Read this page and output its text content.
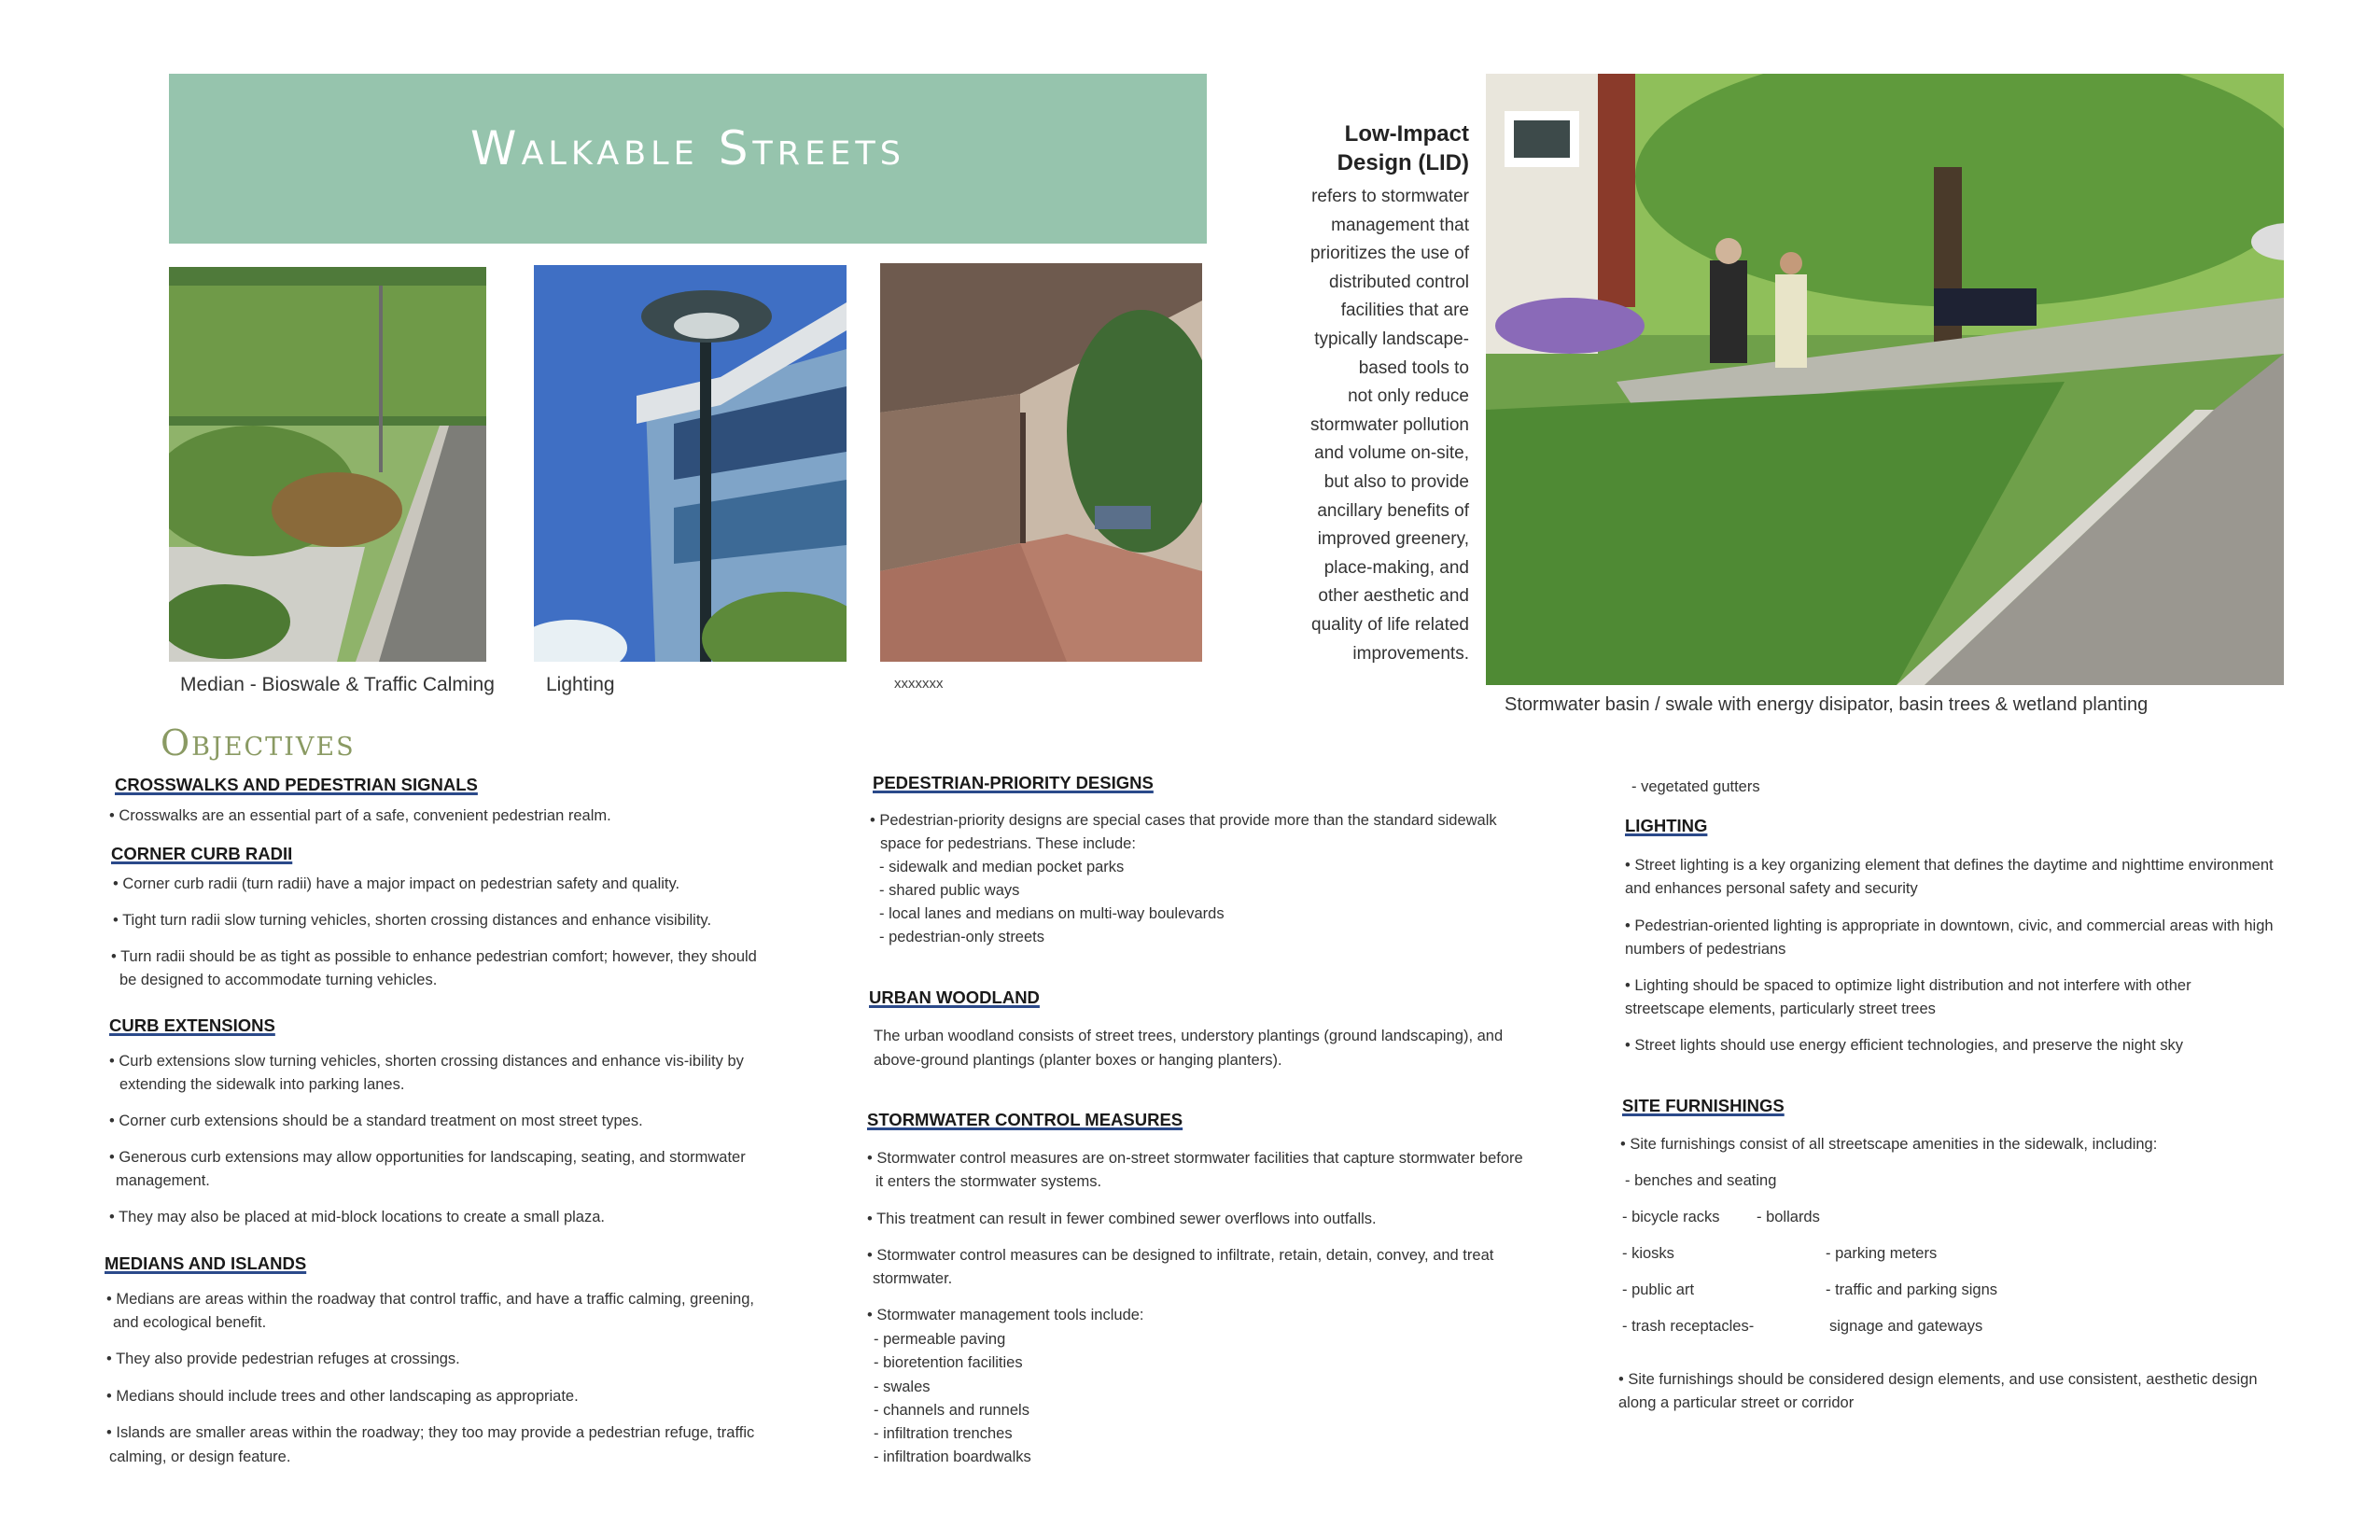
Walkable Streets
Median - Bioswale & Traffic Calming	Lighting	xxxxxxx
Low-Impact
Design (LID)
refers to stormwater
management that
prioritizes the use of
distributed control
facilities that are
typically landscape-
based tools to
not only reduce
stormwater pollution
and volume on-site,
but also to provide
ancillary benefits of
improved greenery,
place-making, and
other aesthetic and
quality of life related
improvements.
Stormwater basin / swale with energy disipator, basin trees & wetland planting
Objectives
CROSSWALKS AND PEDESTRIAN SIGNALS
• Crosswalks are an essential part of a safe, convenient pedestrian realm.
CORNER CURB RADII
• Corner curb radii (turn radii) have a major impact on pedestrian safety and quality.
• Tight turn radii slow turning vehicles, shorten crossing distances and enhance visibility.
• Turn radii should be as tight as possible to enhance pedestrian comfort; however, they should
be designed to accommodate turning vehicles.
CURB EXTENSIONS
• Curb extensions slow turning vehicles, shorten crossing distances and enhance vis-ibility by
extending the sidewalk into parking lanes.
• Corner curb extensions should be a standard treatment on most street types.
• Generous curb extensions may allow opportunities for landscaping, seating, and stormwater
management.
• They may also be placed at mid-block locations to create a small plaza.
MEDIANS AND ISLANDS
• Medians are areas within the roadway that control traffic, and have a traffic calming, greening,
and ecological benefit.
• They also provide pedestrian refuges at crossings.
• Medians should include trees and other landscaping as appropriate.
• Islands are smaller areas within the roadway; they too may provide a pedestrian refuge, traffic
calming, or design feature.
PEDESTRIAN-PRIORITY DESIGNS
• Pedestrian-priority designs are special cases that provide more than the standard sidewalk
space for pedestrians. These include:
- sidewalk and median pocket parks
- shared public ways
- local lanes and medians on multi-way boulevards
- pedestrian-only streets
URBAN WOODLAND
The urban woodland consists of street trees, understory plantings (ground landscaping), and
above-ground plantings (planter boxes or hanging planters).
STORMWATER CONTROL MEASURES
• Stormwater control measures are on-street stormwater facilities that capture stormwater before
it enters the stormwater systems.
• This treatment can result in fewer combined sewer overflows into outfalls.
• Stormwater control measures can be designed to infiltrate, retain, detain, convey, and treat
stormwater.
• Stormwater management tools include:
- permeable paving
- bioretention facilities
- swales
- channels and runnels
- infiltration trenches
- infiltration boardwalks
- vegetated gutters
LIGHTING
• Street lighting is a key organizing element that defines the daytime and nighttime environment
and enhances personal safety and security
• Pedestrian-oriented lighting is appropriate in downtown, civic, and commercial areas with high
numbers of pedestrians
• Lighting should be spaced to optimize light distribution and not interfere with other
streetscape elements, particularly street trees
• Street lights should use energy efficient technologies, and preserve the night sky
SITE FURNISHINGS
• Site furnishings consist of all streetscape amenities in the sidewalk, including:
- benches and seating
- bicycle racks - bollards
- kiosks	- parking meters
- public art	- traffic and parking signs
- trash receptacles-	signage and gateways
• Site furnishings should be considered design elements, and use consistent, aesthetic design
along a particular street or corridor
